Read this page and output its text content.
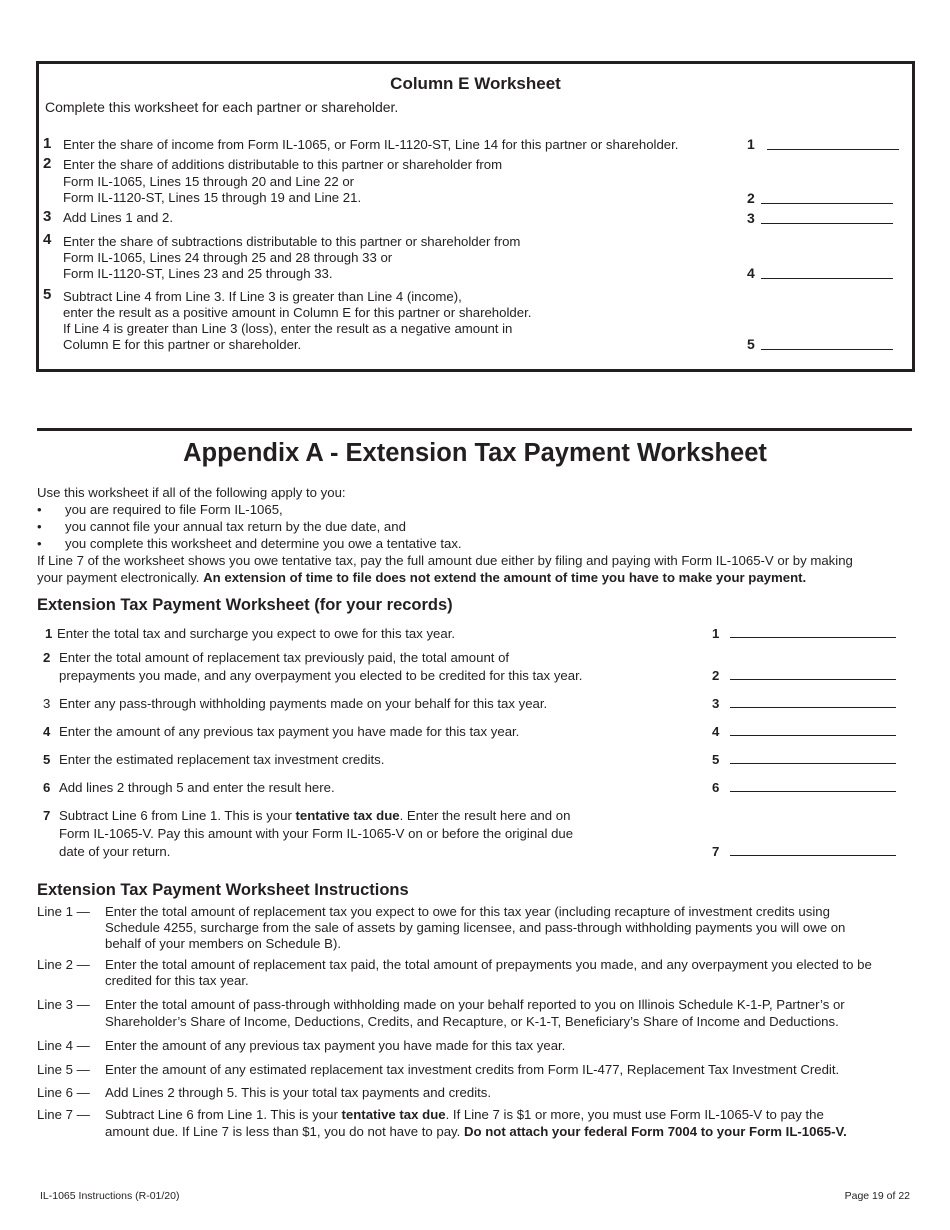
Column E Worksheet
Complete this worksheet for each partner or shareholder.
1 Enter the share of income from Form IL-1065, or Form IL-1120-ST, Line 14 for this partner or shareholder.	1
2 Enter the share of additions distributable to this partner or shareholder from
Form IL-1065, Lines 15 through 20 and Line 22 or
Form IL-1120-ST, Lines 15 through 19 and Line 21.	2
3 Add Lines 1 and 2.	3
4 Enter the share of subtractions distributable to this partner or shareholder from
Form IL-1065, Lines 24 through 25 and 28 through 33 or
Form IL-1120-ST, Lines 23 and 25 through 33.	4
5 Subtract Line 4 from Line 3. If Line 3 is greater than Line 4 (income),
enter the result as a positive amount in Column E for this partner or shareholder.
If Line 4 is greater than Line 3 (loss), enter the result as a negative amount in
Column E for this partner or shareholder.	5
Appendix A - Extension Tax Payment Worksheet
Use this worksheet if all of the following apply to you:
• you are required to file Form IL-1065,
• you cannot file your annual tax return by the due date, and
• you complete this worksheet and determine you owe a tentative tax.
If Line 7 of the worksheet shows you owe tentative tax, pay the full amount due either by filing and paying with Form IL-1065-V or by making
your payment electronically. An extension of time to file does not extend the amount of time you have to make your payment.
Extension Tax Payment Worksheet (for your records)
1 Enter the total tax and surcharge you expect to owe for this tax year.	1
2 Enter the total amount of replacement tax previously paid, the total amount of
prepayments you made, and any overpayment you elected to be credited for this tax year.	2
3 Enter any pass-through withholding payments made on your behalf for this tax year.	3
4 Enter the amount of any previous tax payment you have made for this tax year.	4
5 Enter the estimated replacement tax investment credits.	5
6 Add lines 2 through 5 and enter the result here.	6
7 Subtract Line 6 from Line 1. This is your tentative tax due. Enter the result here and on
Form IL-1065-V. Pay this amount with your Form IL-1065-V on or before the original due
date of your return.	7
Extension Tax Payment Worksheet Instructions
Line 1 — Enter the total amount of replacement tax you expect to owe for this tax year (including recapture of investment credits using
Schedule 4255, surcharge from the sale of assets by gaming licensee, and pass-through withholding payments you will owe on
behalf of your members on Schedule B).
Line 2 — Enter the total amount of replacement tax paid, the total amount of prepayments you made, and any overpayment you elected to be
credited for this tax year.
Line 3 — Enter the total amount of pass-through withholding made on your behalf reported to you on Illinois Schedule K-1-P, Partner’s or
Shareholder’s Share of Income, Deductions, Credits, and Recapture, or K-1-T, Beneficiary’s Share of Income and Deductions.
Line 4 — Enter the amount of any previous tax payment you have made for this tax year.
Line 5 — Enter the amount of any estimated replacement tax investment credits from Form IL-477, Replacement Tax Investment Credit.
Line 6 — Add Lines 2 through 5. This is your total tax payments and credits.
Line 7 — Subtract Line 6 from Line 1. This is your tentative tax due. If Line 7 is $1 or more, you must use Form IL-1065-V to pay the
amount due. If Line 7 is less than $1, you do not have to pay. Do not attach your federal Form 7004 to your Form IL-1065-V.
IL-1065 Instructions (R-01/20)	Page 19 of 22
